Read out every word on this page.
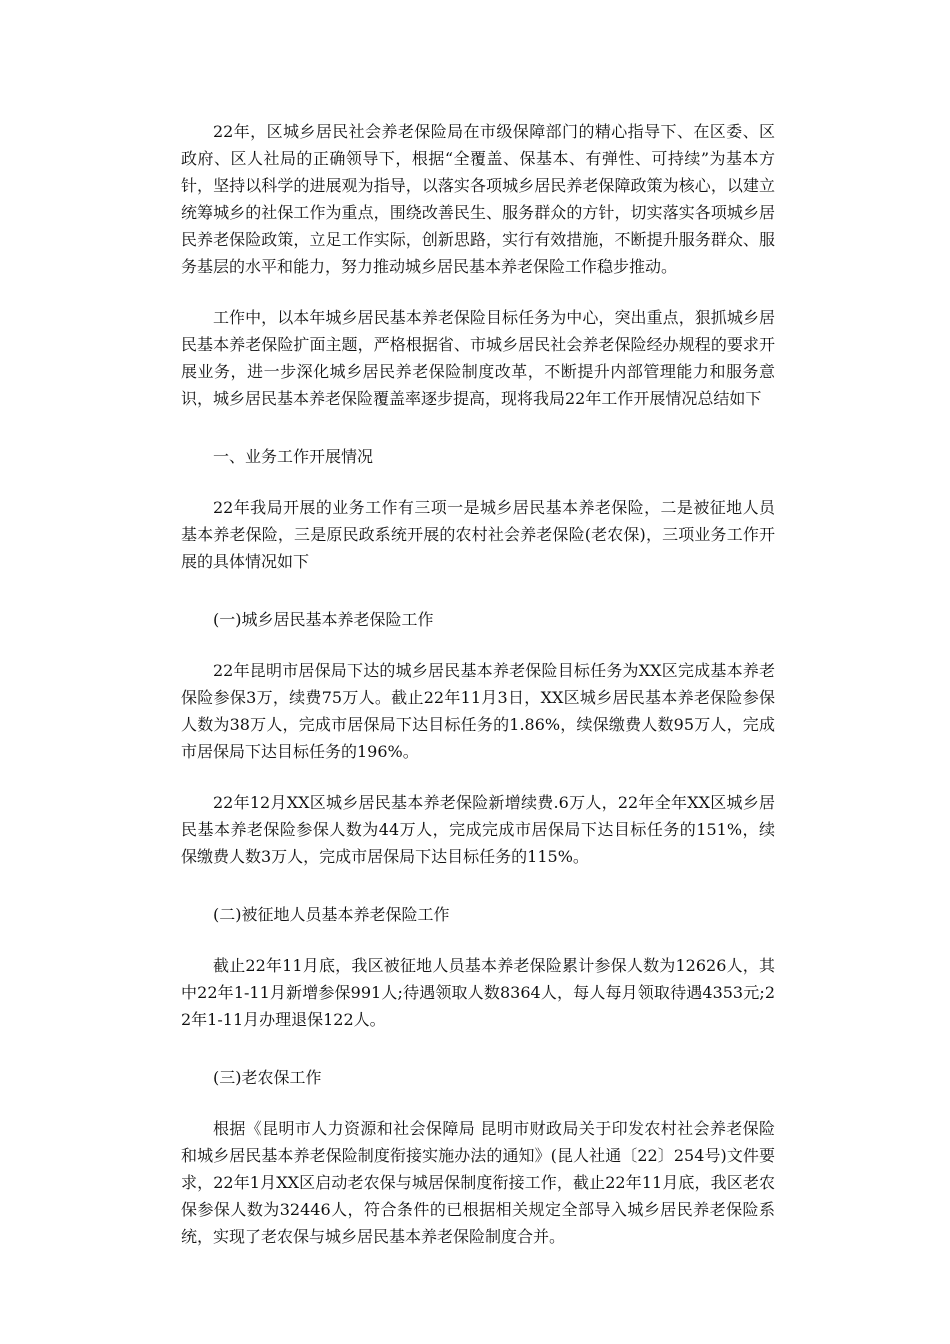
22年，区城乡居民社会养老保险局在市级保障部门的精心指导下、在区委、区政府、区人社局的正确领导下，根据“全覆盖、保基本、有弹性、可持续”为基本方针，坚持以科学的进展观为指导，以落实各项城乡居民养老保障政策为核心，以建立统筹城乡的社保工作为重点，围绕改善民生、服务群众的方针，切实落实各项城乡居民养老保险政策，立足工作实际，创新思路，实行有效措施，不断提升服务群众、服务基层的水平和能力，努力推动城乡居民基本养老保险工作稳步推动。

工作中，以本年城乡居民基本养老保险目标任务为中心，突出重点，狠抓城乡居民基本养老保险扩面主题，严格根据省、市城乡居民社会养老保险经办规程的要求开展业务，进一步深化城乡居民养老保险制度改革，不断提升内部管理能力和服务意识，城乡居民基本养老保险覆盖率逐步提高，现将我局22年工作开展情况总结如下

一、业务工作开展情况

22年我局开展的业务工作有三项一是城乡居民基本养老保险，二是被征地人员基本养老保险，三是原民政系统开展的农村社会养老保险(老农保)，三项业务工作开展的具体情况如下

(一)城乡居民基本养老保险工作

22年昆明市居保局下达的城乡居民基本养老保险目标任务为XX区完成基本养老保险参保3万，续费75万人。截止22年11月3日，XX区城乡居民基本养老保险参保人数为38万人，完成市居保局下达目标任务的1.86%，续保缴费人数95万人，完成市居保局下达目标任务的196%。

22年12月XX区城乡居民基本养老保险新增续费.6万人，22年全年XX区城乡居民基本养老保险参保人数为44万人，完成完成市居保局下达目标任务的151%，续保缴费人数3万人，完成市居保局下达目标任务的115%。

(二)被征地人员基本养老保险工作

截止22年11月底，我区被征地人员基本养老保险累计参保人数为12626人，其中22年1-11月新增参保991人;待遇领取人数8364人，每人每月领取待遇4353元;22年1-11月办理退保122人。

(三)老农保工作

根据《昆明市人力资源和社会保障局 昆明市财政局关于印发农村社会养老保险和城乡居民基本养老保险制度衔接实施办法的通知》(昆人社通〔22〕254号)文件要求，22年1月XX区启动老农保与城居保制度衔接工作，截止22年11月底，我区老农保参保人数为32446人，符合条件的已根据相关规定全部导入城乡居民养老保险系统，实现了老农保与城乡居民基本养老保险制度合并。
